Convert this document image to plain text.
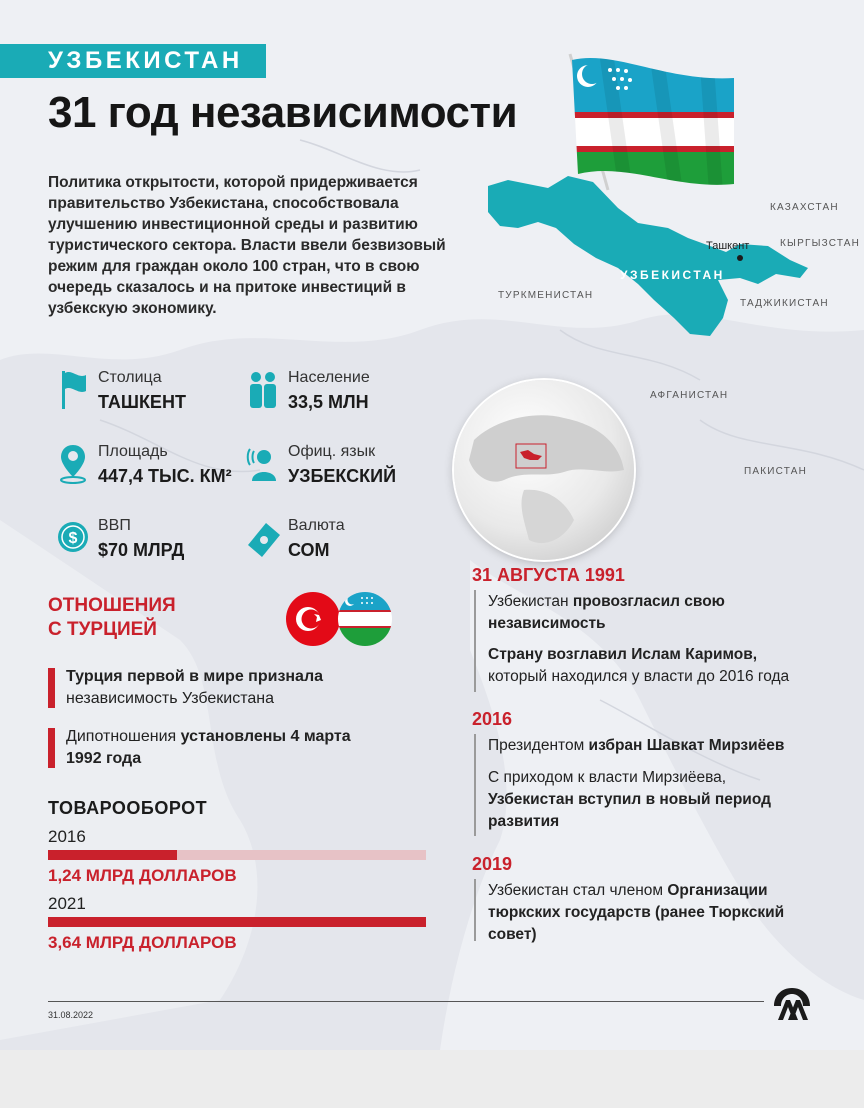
УЗБЕКИСТАН
31 год независимости
Политика открытости, которой придерживается правительство Узбекистана, способствовала улучшению инвестиционной среды и развитию туристического сектора. Власти ввели безвизовый режим для граждан около 100 стран, что в свою очередь сказалось и на притоке инвестиций в узбекскую экономику.
КАЗАХСТАН
КЫРГЫЗСТАН
Ташкент
УЗБЕКИСТАН
ТУРКМЕНИСТАН
ТАДЖИКИСТАН
АФГАНИСТАН
ПАКИСТАН
Столица
ТАШКЕНТ
Население
33,5 МЛН
Площадь
447,4 ТЫС. КМ²
Офиц. язык
УЗБЕКСКИЙ
$
ВВП
$70 МЛРД
Валюта
СОМ
ОТНОШЕНИЯ
С ТУРЦИЕЙ
Турция первой в мире признала
независимость Узбекистана
Дипотношения установлены 4 марта
1992 года
ТОВАРООБОРОТ
2016
1,24 МЛРД ДОЛЛАРОВ
2021
3,64 МЛРД ДОЛЛАРОВ
31 АВГУСТА 1991
Узбекистан провозгласил свою
независимость
Страну возглавил Ислам Каримов,
который находился у власти до 2016 года
2016
Президентом избран Шавкат Мирзиёев
С приходом к власти Мирзиёева,
Узбекистан вступил в новый период
развития
2019
Узбекистан стал членом Организации
тюркских государств (ранее Тюркский
совет)
31.08.2022
